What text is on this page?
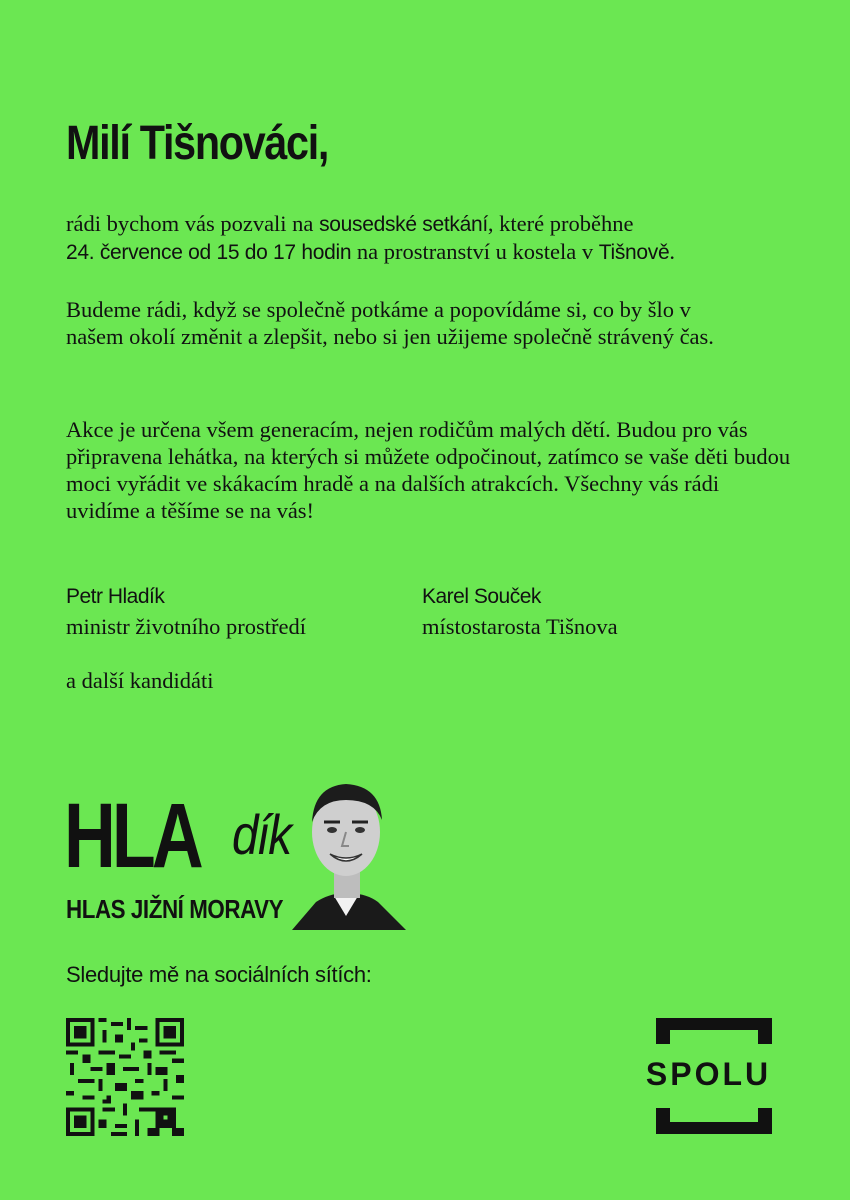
Milí Tišnováci,

rádi bychom vás pozvali na sousedské setkání, které proběhne
24. července od 15 do 17 hodin na prostranství u kostela v Tišnově.

Budeme rádi, když se společně potkáme a popovídáme si, co by šlo v našem okolí změnit a zlepšit, nebo si jen užijeme společně strávený čas.

Akce je určena všem generacím, nejen rodičům malých dětí. Budou pro vás připravena lehátka, na kterých si můžete odpočinout, zatímco se vaše děti budou moci vyřádit ve skákacím hradě a na dalších atrakcích. Všechny vás rádi uvidíme a těšíme se na vás!

Petr Hladík
ministr životního prostředí
Karel Souček
místostarosta Tišnova
a další kandidáti
HLA dík
HLAS JIŽNÍ MORAVY
Sledujte mě na sociálních sítích:
SPOLU
